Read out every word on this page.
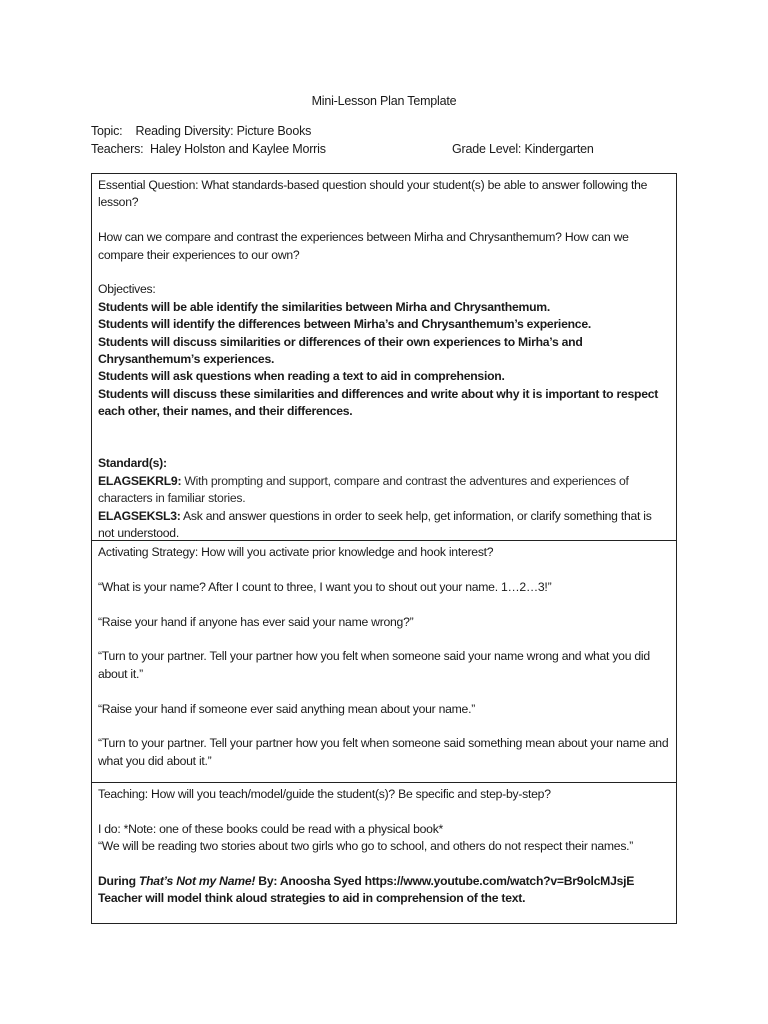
Mini-Lesson Plan Template
Topic:    Reading Diversity: Picture Books
Teachers:  Haley Holston and Kaylee Morris	Grade Level: Kindergarten

Essential Question: What standards-based question should your student(s) be able to answer following the lesson?

How can we compare and contrast the experiences between Mirha and Chrysanthemum? How can we compare their experiences to our own?

Objectives:

Students will be able identify the similarities between Mirha and Chrysanthemum.

Students will identify the differences between Mirha’s and Chrysanthemum’s experience.

Students will discuss similarities or differences of their own experiences to Mirha’s and Chrysanthemum’s experiences.

Students will ask questions when reading a text to aid in comprehension.

Students will discuss these similarities and differences and write about why it is important to respect each other, their names, and their differences.

Standard(s):

ELAGSEKRL9: With prompting and support, compare and contrast the adventures and experiences of characters in familiar stories.

ELAGSEKSL3: Ask and answer questions in order to seek help, get information, or clarify something that is not understood.

Activating Strategy: How will you activate prior knowledge and hook interest?

“What is your name? After I count to three, I want you to shout out your name. 1…2…3!”

“Raise your hand if anyone has ever said your name wrong?”

“Turn to your partner. Tell your partner how you felt when someone said your name wrong and what you did about it.”

“Raise your hand if someone ever said anything mean about your name.”

“Turn to your partner. Tell your partner how you felt when someone said something mean about your name and what you did about it.”

Teaching: How will you teach/model/guide the student(s)? Be specific and step-by-step?

I do: *Note: one of these books could be read with a physical book*

“We will be reading two stories about two girls who go to school, and others do not respect their names.”

During That’s Not my Name! By: Anoosha Syed https://www.youtube.com/watch?v=Br9olcMJsjE

Teacher will model think aloud strategies to aid in comprehension of the text.
